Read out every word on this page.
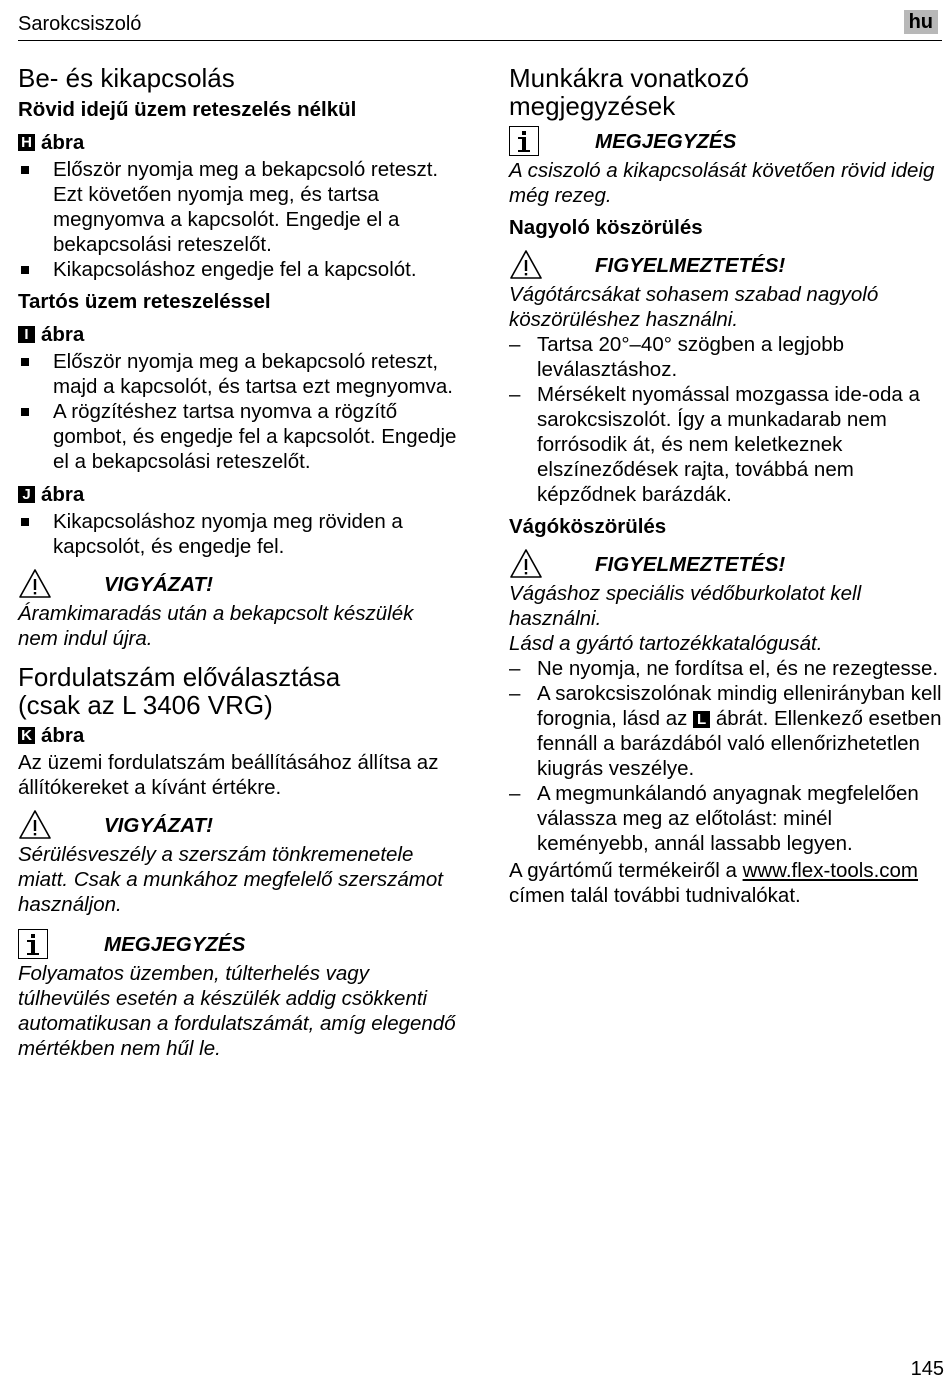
Sarokcsiszoló	hu
Be- és kikapcsolás
Rövid idejű üzem reteszelés nélkül
H ábra
Először nyomja meg a bekapcsoló reteszt. Ezt követően nyomja meg, és tartsa megnyomva a kapcsolót. Engedje el a bekapcsolási reteszelőt.
Kikapcsoláshoz engedje fel a kapcsolót.
Tartós üzem reteszeléssel
I ábra
Először nyomja meg a bekapcsoló reteszt, majd a kapcsolót, és tartsa ezt megnyomva.
A rögzítéshez tartsa nyomva a rögzítő gombot, és engedje fel a kapcsolót. Engedje el a bekapcsolási reteszelőt.
J ábra
Kikapcsoláshoz nyomja meg röviden a kapcsolót, és engedje fel.
VIGYÁZAT!

Áramkimaradás után a bekapcsolt készülék nem indul újra.

Fordulatszám előválasztása
(csak az L 3406 VRG)
K ábra

Az üzemi fordulatszám beállításához állítsa az állítókereket a kívánt értékre.

VIGYÁZAT!

Sérülésveszély a szerszám tönkremenetele miatt. Csak a munkához megfelelő szerszámot használjon.

MEGJEGYZÉS

Folyamatos üzemben, túlterhelés vagy túlhevülés esetén a készülék addig csökkenti automatikusan a fordulatszámát, amíg elegendő mértékben nem hűl le.

Munkákra vonatkozó
megjegyzések
MEGJEGYZÉS

A csiszoló a kikapcsolását követően rövid ideig még rezeg.

Nagyoló köszörülés
FIGYELMEZTETÉS!

Vágótárcsákat sohasem szabad nagyoló köszörüléshez használni.

– Tartsa 20°–40° szögben a legjobb leválasztáshoz.
– Mérsékelt nyomással mozgassa ide-oda a sarokcsiszolót. Így a munkadarab nem forrósodik át, és nem keletkeznek elszíneződések rajta, továbbá nem képződnek barázdák.
Vágóköszörülés
FIGYELMEZTETÉS!

Vágáshoz speciális védőburkolatot kell használni.

Lásd a gyártó tartozékkatalógusát.

– Ne nyomja, ne fordítsa el, és ne rezegtesse.
– A sarokcsiszolónak mindig ellenirányban kell forognia, lásd az L ábrát. Ellenkező esetben fennáll a barázdából való ellenőrizhetetlen kiugrás veszélye.
– A megmunkálandó anyagnak megfelelően válassza meg az előtolást: minél keményebb, annál lassabb legyen.

A gyártómű termékeiről a www.flex-tools.com címen talál további tudnivalókat.

145
